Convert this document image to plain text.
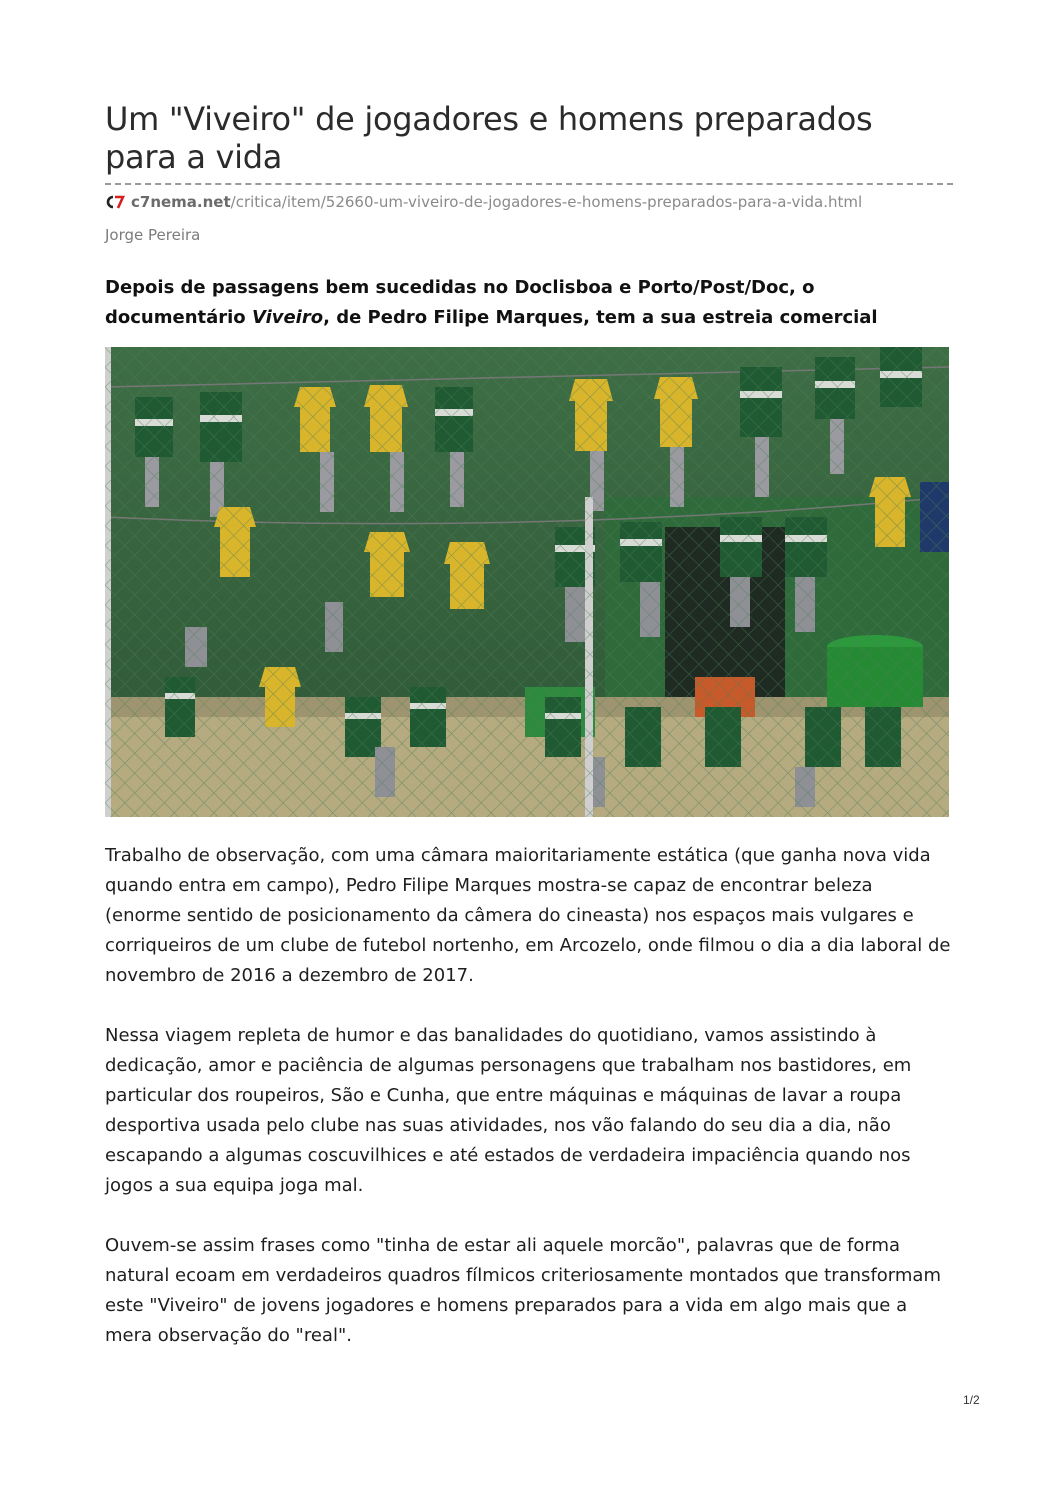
Um "Viveiro" de jogadores e homens preparados para a vida
c7nema.net /critica/item/52660-um-viveiro-de-jogadores-e-homens-preparados-para-a-vida.html
Jorge Pereira
Depois de passagens bem sucedidas no Doclisboa e Porto/Post/Doc, o documentário Viveiro, de Pedro Filipe Marques, tem a sua estreia comercial

Trabalho de observação, com uma câmara maioritariamente estática (que ganha nova vida quando entra em campo), Pedro Filipe Marques mostra-se capaz de encontrar beleza (enorme sentido de posicionamento da câmera do cineasta) nos espaços mais vulgares e corriqueiros de um clube de futebol nortenho, em Arcozelo, onde filmou o dia a dia laboral de novembro de 2016 a dezembro de 2017.

Nessa viagem repleta de humor e das banalidades do quotidiano, vamos assistindo à dedicação, amor e paciência de algumas personagens que trabalham nos bastidores, em particular dos roupeiros, São e Cunha, que entre máquinas e máquinas de lavar a roupa desportiva usada pelo clube nas suas atividades, nos vão falando do seu dia a dia, não escapando a algumas coscuvilhices e até estados de verdadeira impaciência quando nos jogos a sua equipa joga mal.

Ouvem-se assim frases como "tinha de estar ali aquele morcão", palavras que de forma natural ecoam em verdadeiros quadros fílmicos criteriosamente montados que transformam este "Viveiro" de jovens jogadores e homens preparados para a vida em algo mais que a mera observação do "real".

1/2
